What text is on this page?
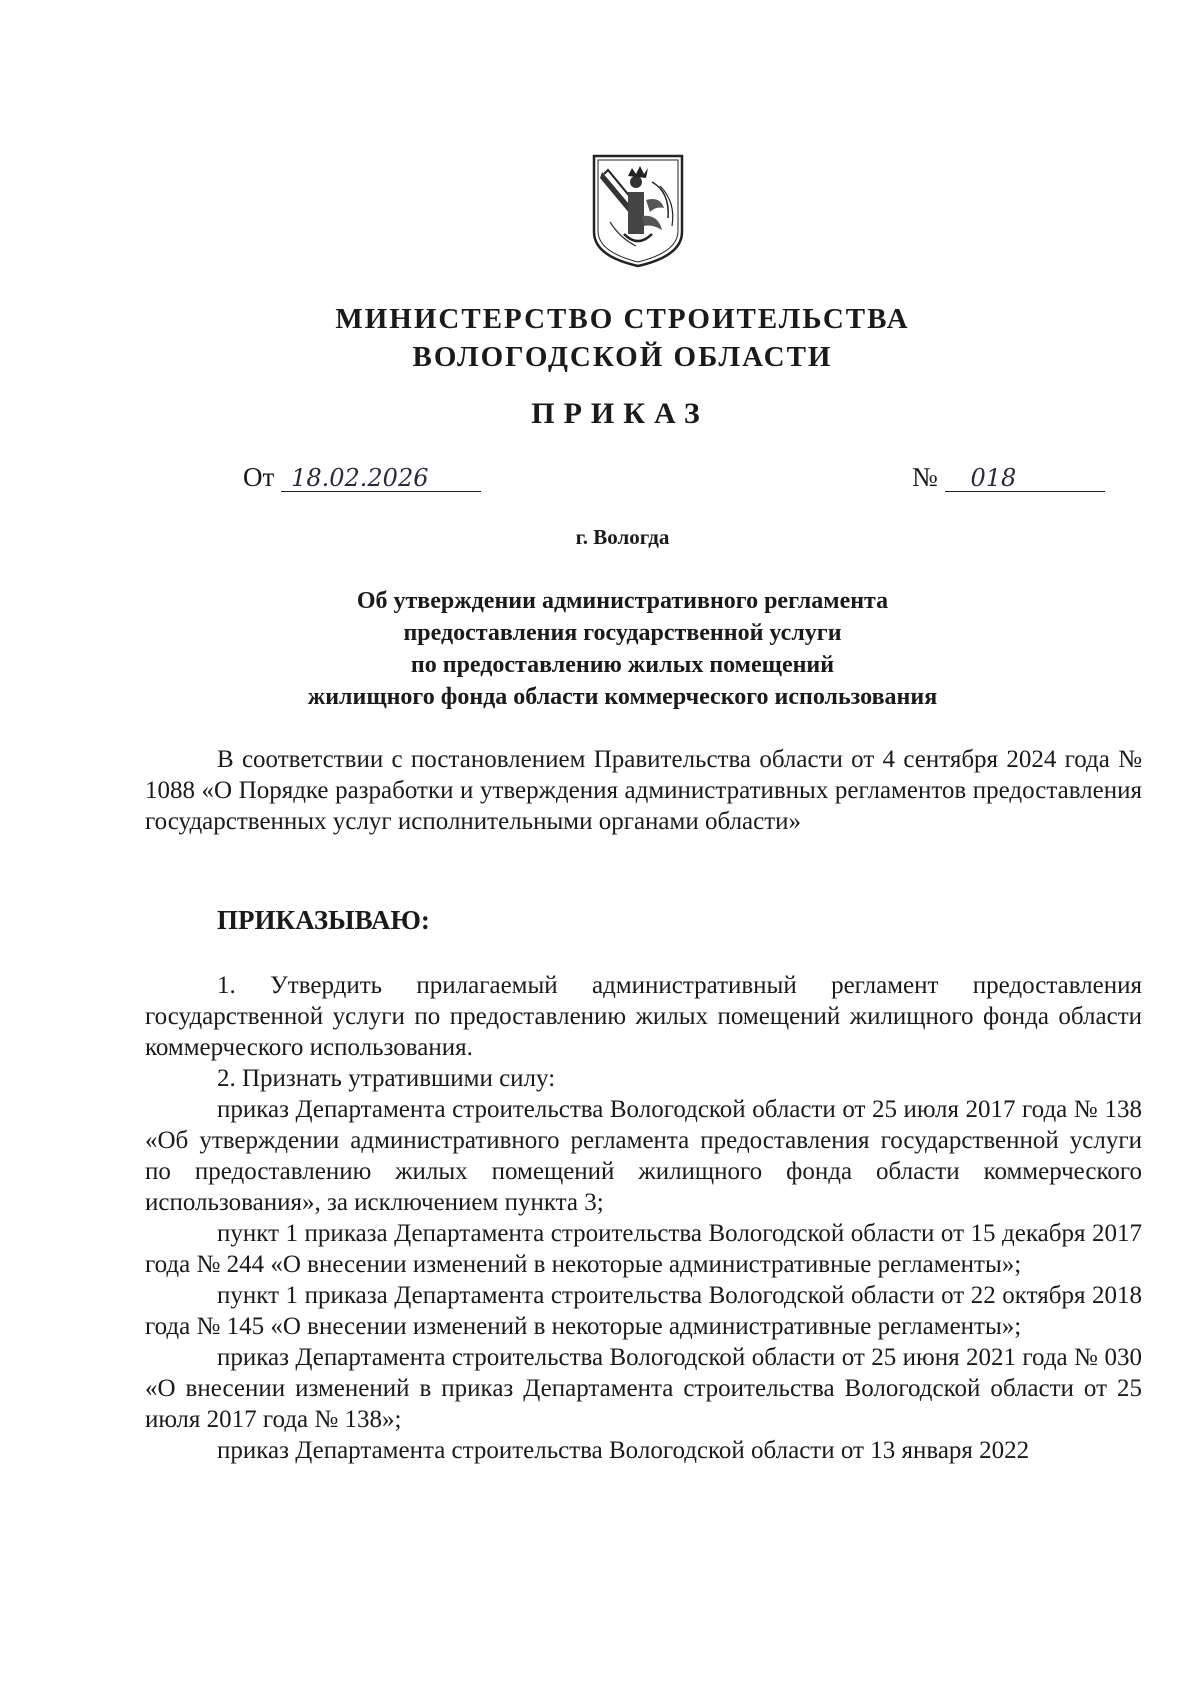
МИНИСТЕРСТВО СТРОИТЕЛЬСТВА
ВОЛОГОДСКОЙ ОБЛАСТИ
ПРИКАЗ
От 18.02.2026	№ 018
г. Вологда
Об утверждении административного регламента
предоставления государственной услуги
по предоставлению жилых помещений
жилищного фонда области коммерческого использования

В соответствии с постановлением Правительства области от 4 сентября 2024 года № 1088 «О Порядке разработки и утверждения административных регламентов предоставления государственных услуг исполнительными органами области»

ПРИКАЗЫВАЮ:

1. Утвердить прилагаемый административный регламент предоставления государственной услуги по предоставлению жилых помещений жилищного фонда области коммерческого использования.

2. Признать утратившими силу:

приказ Департамента строительства Вологодской области от 25 июля 2017 года № 138 «Об утверждении административного регламента предоставления государственной услуги по предоставлению жилых помещений жилищного фонда области коммерческого использования», за исключением пункта 3;

пункт 1 приказа Департамента строительства Вологодской области от 15 декабря 2017 года № 244 «О внесении изменений в некоторые административные регламенты»;

пункт 1 приказа Департамента строительства Вологодской области от 22 октября 2018 года № 145 «О внесении изменений в некоторые административные регламенты»;

приказ Департамента строительства Вологодской области от 25 июня 2021 года № 030 «О внесении изменений в приказ Департамента строительства Вологодской области от 25 июля 2017 года № 138»;

приказ Департамента строительства Вологодской области от 13 января 2022
